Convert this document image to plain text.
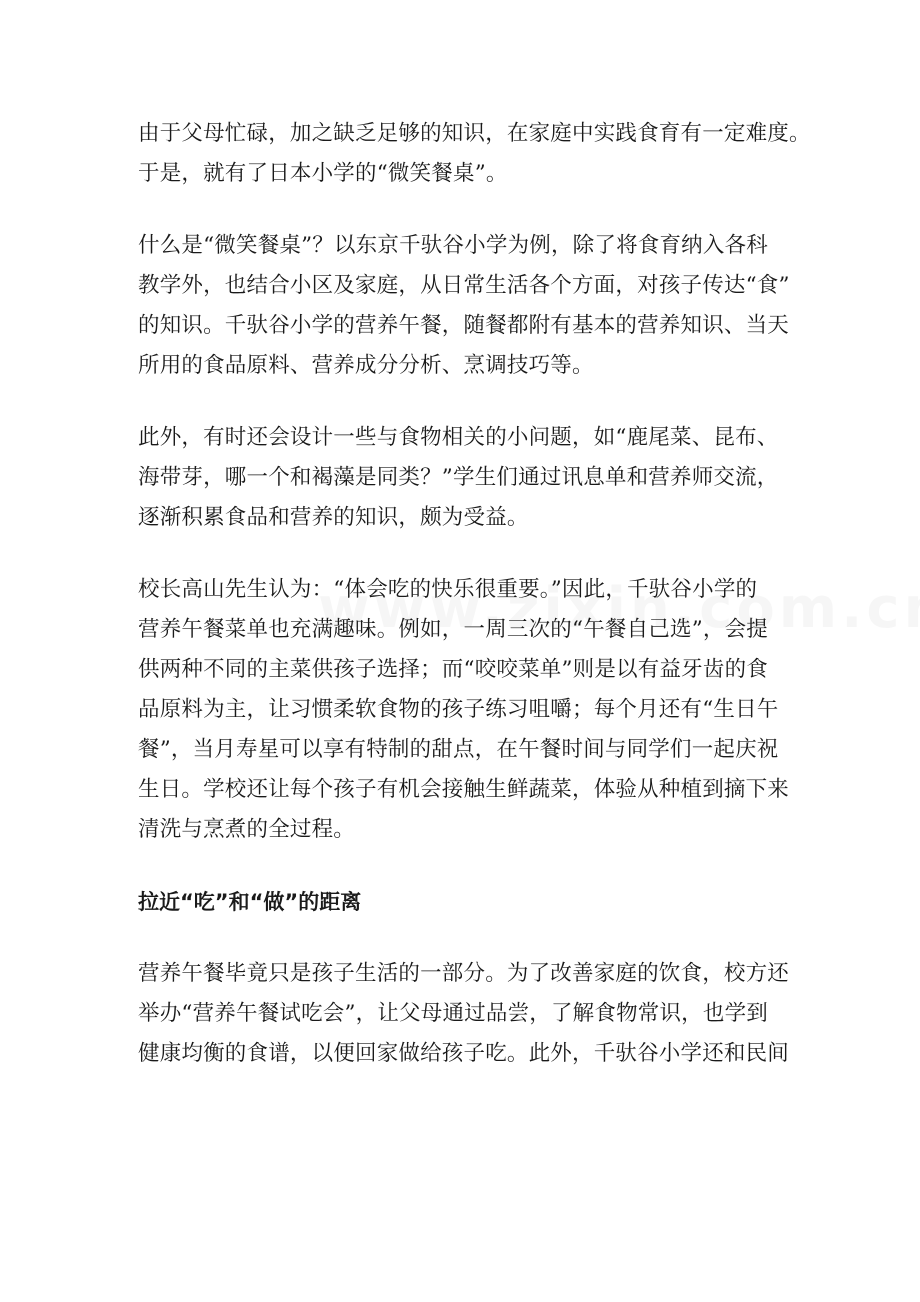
由于父母忙碌，加之缺乏足够的知识，在家庭中实践食育有一定难度。
于是，就有了日本小学的“微笑餐桌”。

什么是“微笑餐桌”？以东京千驮谷小学为例，除了将食育纳入各科
教学外，也结合小区及家庭，从日常生活各个方面，对孩子传达“食”
的知识。千驮谷小学的营养午餐，随餐都附有基本的营养知识、当天
所用的食品原料、营养成分分析、烹调技巧等。

此外，有时还会设计一些与食物相关的小问题，如“鹿尾菜、昆布、
海带芽，哪一个和褐藻是同类？”学生们通过讯息单和营养师交流，
逐渐积累食品和营养的知识，颇为受益。

校长高山先生认为：“体会吃的快乐很重要。”因此，千驮谷小学的
营养午餐菜单也充满趣味。例如，一周三次的“午餐自己选”，会提
供两种不同的主菜供孩子选择；而“咬咬菜单”则是以有益牙齿的食
品原料为主，让习惯柔软食物的孩子练习咀嚼；每个月还有“生日午
餐”，当月寿星可以享有特制的甜点，在午餐时间与同学们一起庆祝
生日。学校还让每个孩子有机会接触生鲜蔬菜，体验从种植到摘下来
清洗与烹煮的全过程。

拉近“吃”和“做”的距离

营养午餐毕竟只是孩子生活的一部分。为了改善家庭的饮食，校方还
举办“营养午餐试吃会”，让父母通过品尝，了解食物常识，也学到
健康均衡的食谱，以便回家做给孩子吃。此外，千驮谷小学还和民间
